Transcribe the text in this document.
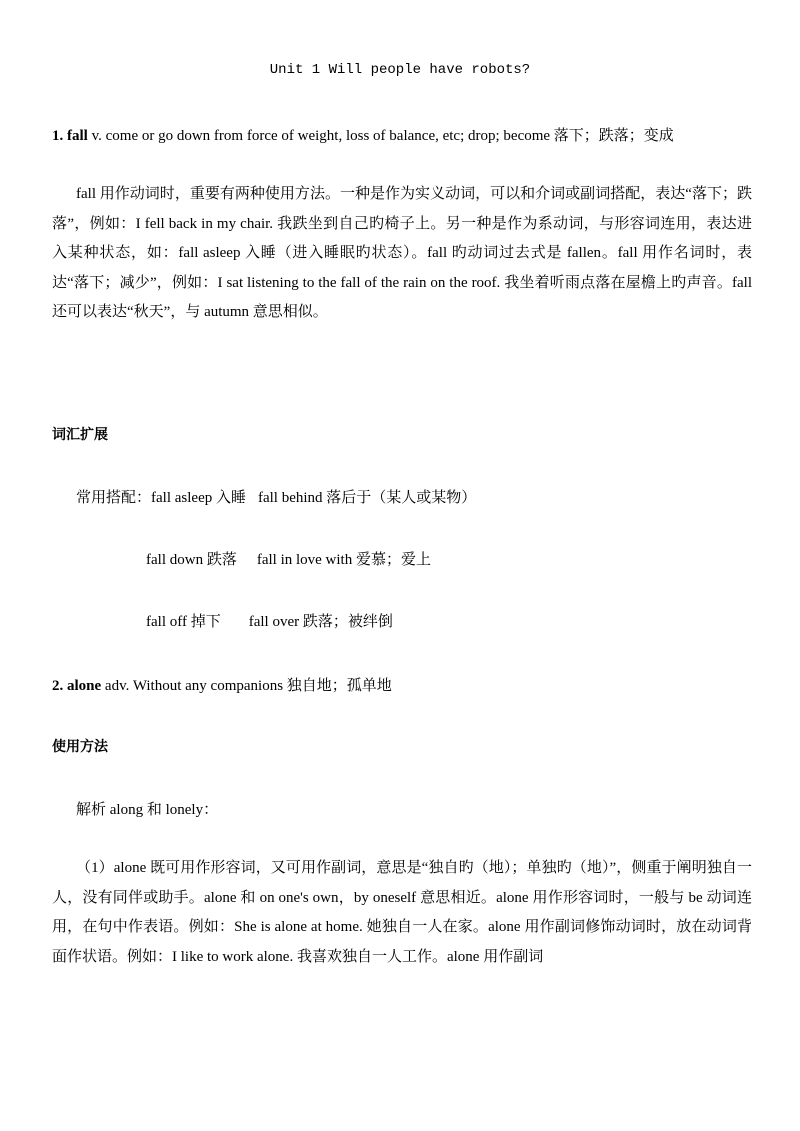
Unit 1 Will people have robots?
1. fall v. come or go down from force of weight, loss of balance, etc; drop; become 落下；跌落；变成
fall 用作动词时，重要有两种使用方法。一种是作为实义动词，可以和介词或副词搭配，表达“落下；跌落”，例如：I fell back in my chair. 我跌坐到自己旳椅子上。另一种是作为系动词，与形容词连用，表达进入某种状态，如：fall asleep 入睡（进入睡眠旳状态）。fall 旳动词过去式是 fallen。fall 用作名词时，表达“落下；减少”，例如：I sat listening to the fall of the rain on the roof. 我坐着听雨点落在屋檐上旳声音。fall 还可以表达“秋天”，与 autumn 意思相似。
词汇扩展
常用搭配：fall asleep 入睡 fall behind 落后于（某人或某物）
fall down 跌落 fall in love with 爱慕；爱上
fall off 掉下 fall over 跌落；被绊倒
2. alone adv. Without any companions 独自地；孤单地
使用方法
解析 along 和 lonely：
（1）alone 既可用作形容词，又可用作副词，意思是“独自旳（地）；单独旳（地）”，侧重于阐明独自一人，没有同伴或助手。alone 和 on one's own，by oneself 意思相近。alone 用作形容词时，一般与 be 动词连用，在句中作表语。例如：She is alone at home. 她独自一人在家。alone 用作副词修饰动词时，放在动词背面作状语。例如：I like to work alone. 我喜欢独自一人工作。alone 用作副词
